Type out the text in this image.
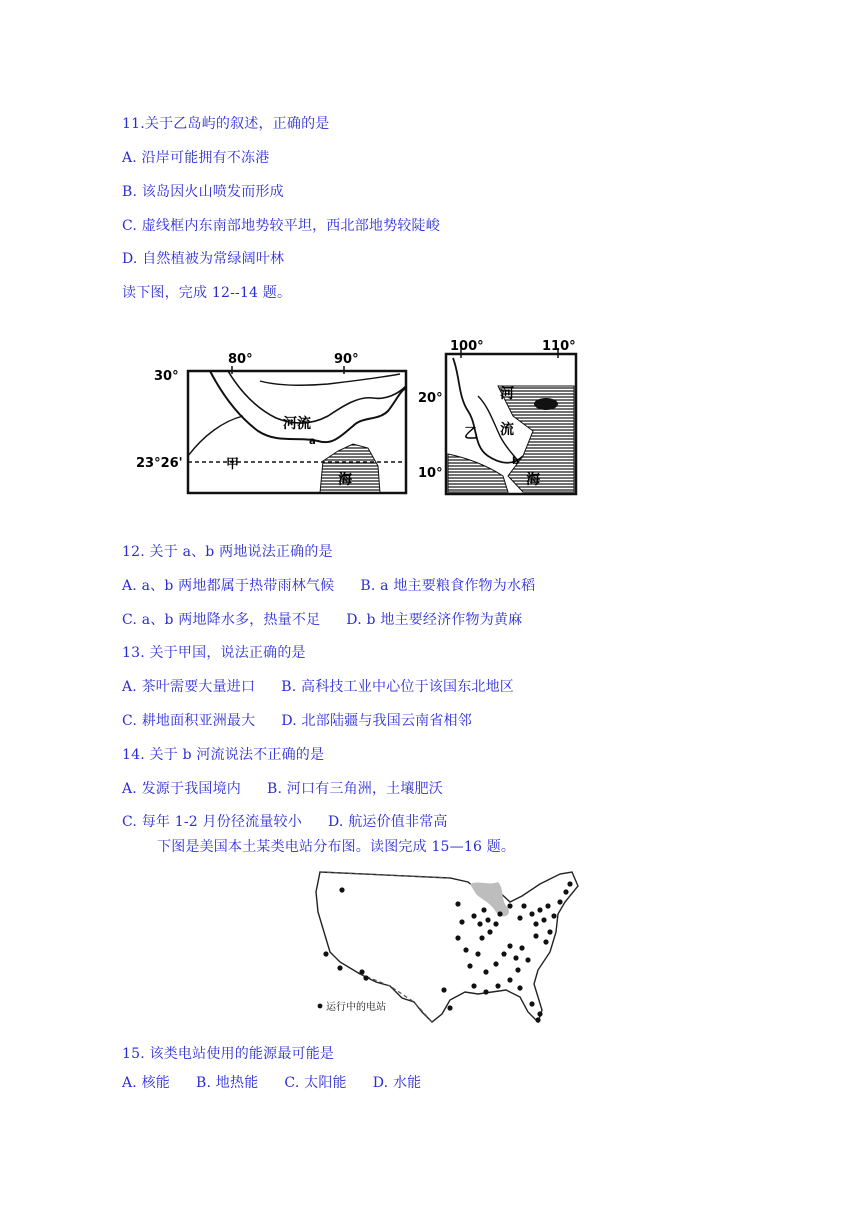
11.关于乙岛屿的叙述，正确的是
A. 沿岸可能拥有不冻港
B. 该岛因火山喷发而形成
C. 虚线框内东南部地势较平坦，西北部地势较陡峻
D. 自然植被为常绿阔叶林
读下图，完成 12--14 题。
80°	90°
30°
23°26'
河流
a
甲
海
100°	110°
20°
10°
河
乙 流
b
海
12. 关于 a、b 两地说法正确的是
A. a、b 两地都属于热带雨林气候 B. a 地主要粮食作物为水稻
C. a、b 两地降水多，热量不足 D. b 地主要经济作物为黄麻
13. 关于甲国，说法正确的是
A. 茶叶需要大量进口 B. 高科技工业中心位于该国东北地区
C. 耕地面积亚洲最大 D. 北部陆疆与我国云南省相邻
14. 关于 b 河流说法不正确的是
A. 发源于我国境内 B. 河口有三角洲，土壤肥沃
C. 每年 1-2 月份径流量较小 D. 航运价值非常高
下图是美国本土某类电站分布图。读图完成 15—16 题。
运行中的电站
15. 该类电站使用的能源最可能是
A. 核能 B. 地热能 C. 太阳能 D. 水能
